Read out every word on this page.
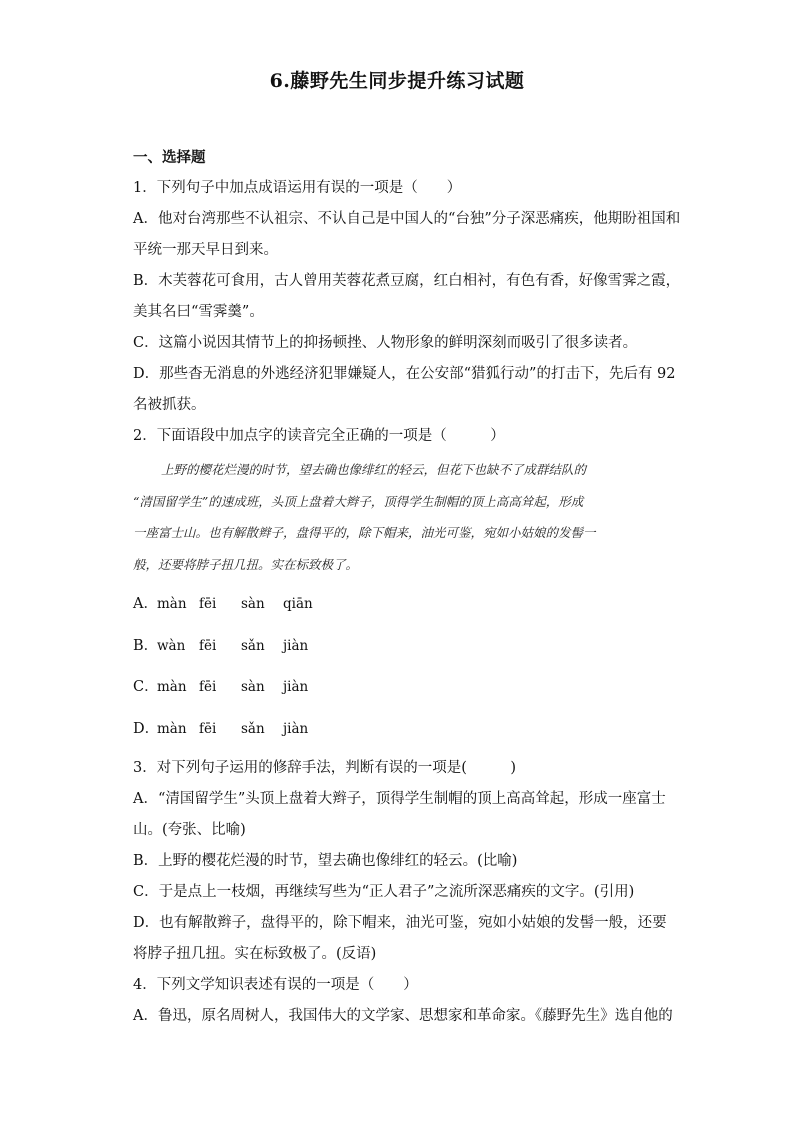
6.藤野先生同步提升练习试题

一、选择题

1．下列句子中加点成语运用有误的一项是（　　）

A．他对台湾那些不认祖宗、不认自己是中国人的“台独”分子深恶痛疾，他期盼祖国和

平统一那天早日到来。

B．木芙蓉花可食用，古人曾用芙蓉花煮豆腐，红白相衬，有色有香，好像雪霁之霞，

美其名曰“雪霁羹”。

C．这篇小说因其情节上的抑扬顿挫、人物形象的鲜明深刻而吸引了很多读者。

D．那些杳无消息的外逃经济犯罪嫌疑人，在公安部“猎狐行动”的打击下，先后有 92

名被抓获。

2．下面语段中加点字的读音完全正确的一项是（　　　）

上野的樱花烂漫的时节，望去确也像绯红的轻云，但花下也缺不了成群结队的
“清国留学生”的速成班，头顶上盘着大辫子，顶得学生制帽的顶上高高耸起，形成
一座富士山。也有解散辫子，盘得平的，除下帽来，油光可鉴，宛如小姑娘的发髻一
般，还要将脖子扭几扭。实在标致极了。

A．màn fēi sàn qiān

B．wàn fēi sǎn jiàn

C．màn fēi sàn jiàn

D．màn fēi sǎn jiàn

3．对下列句子运用的修辞手法，判断有误的一项是(　　　)

A．“清国留学生”头顶上盘着大辫子，顶得学生制帽的顶上高高耸起，形成一座富士

山。(夸张、比喻)

B．上野的樱花烂漫的时节，望去确也像绯红的轻云。(比喻)

C．于是点上一枝烟，再继续写些为“正人君子”之流所深恶痛疾的文字。(引用)

D．也有解散辫子，盘得平的，除下帽来，油光可鉴，宛如小姑娘的发髻一般，还要

将脖子扭几扭。实在标致极了。(反语)

4．下列文学知识表述有误的一项是（　　）

A．鲁迅，原名周树人，我国伟大的文学家、思想家和革命家。《藤野先生》选自他的
